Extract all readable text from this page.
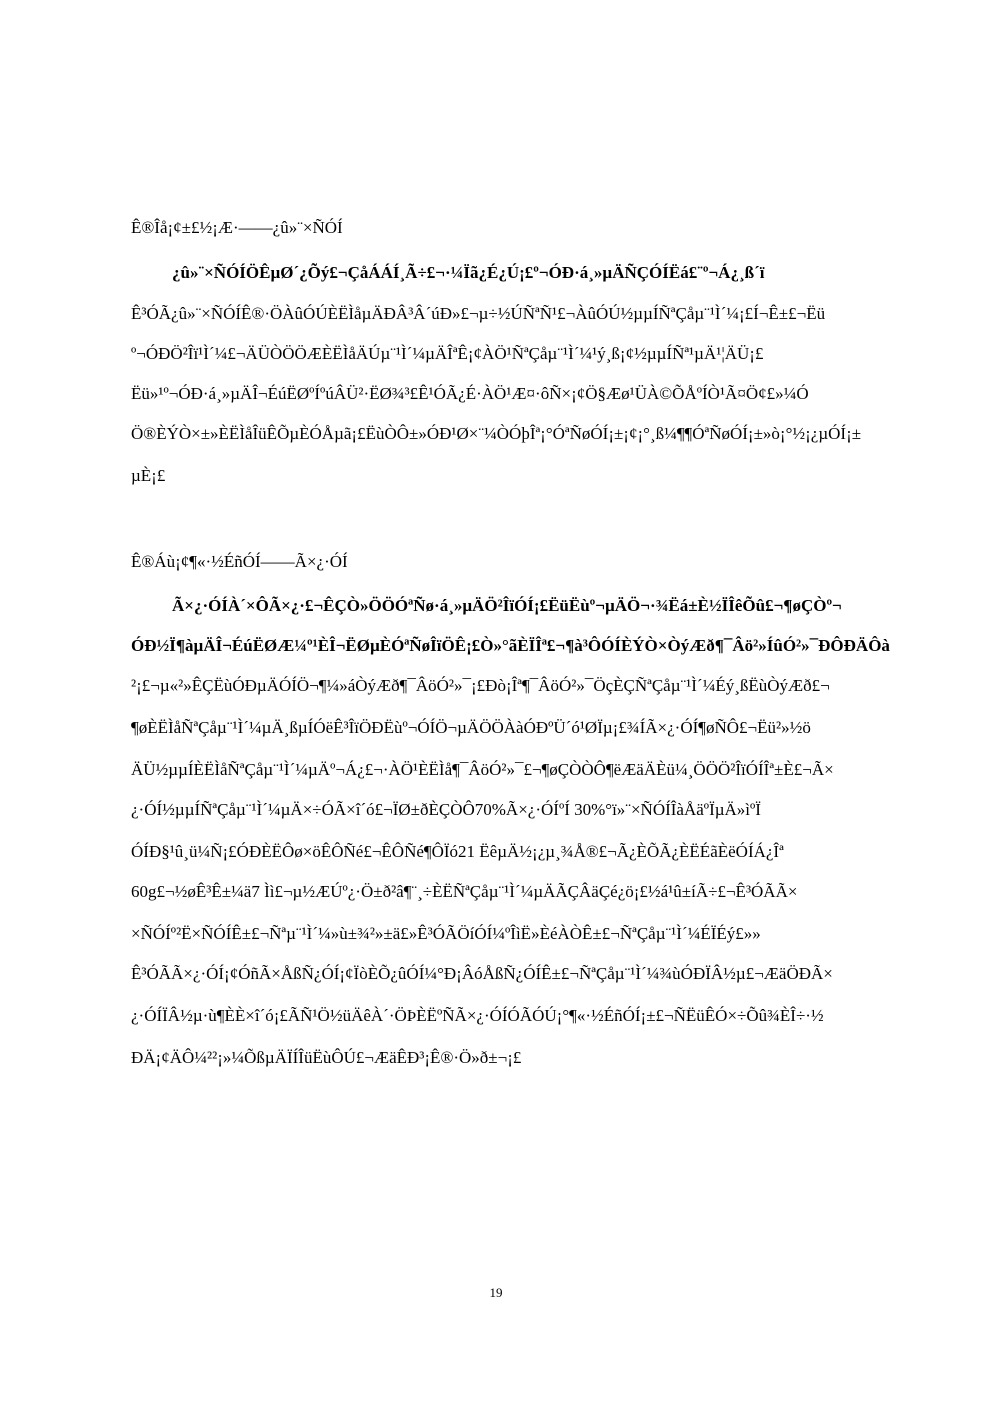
Ê®Îå¡¢±£½¡Æ·——¿û»¨×ÑÓÍ
¿û»¨×ÑÓÍÖÊµØ´¿Õý£¬ÇåÁÁÍ¸Ã÷£¬·¼Ïã¿É¿Ú¡£º¬ÓÐ·á¸»µÄÑÇÓÍËá£¨º¬Á¿¸ß´ï
Ê³ÓÃ¿û»¨×ÑÓÍÊ®·ÖÀûÓÚÈËÌåµÄÐÂ³Â´úÐ»£¬µ÷½ÚÑªÑ¹£¬ÀûÓÚ½µµÍÑªÇåµ¨¹Ì´¼¡£Í¬Ê±£¬Ëü
º¬ÓÐÖ²Îï¹Ì´¼£¬ÄÜÒÖÖÆÈËÌåÄÚµ¨¹Ì´¼µÄÎªÊ¡¢ÀÖ¹ÑªÇåµ¨¹Ì´¼¹ý¸ß¡¢½µµÍÑª¹µÄ¹¦ÄÜ¡£
Ëü»¹º¬ÓÐ·á¸»µÄÎ¬ÉúËØºÍºúÂÜ²·ËØ¾³£Ê¹ÓÃ¿É·ÀÖ¹Æ¤·ôÑ×¡¢Ö§Æø¹ÜÀ©ÕÅºÍÒ¹Ã¤Ö¢£»¼Ó
Ö®ÈÝÒ×±»ÈËÌåÎüÊÕµÈÓÅµã¡£ËùÒÔ±»ÓÐ¹Ø×¨¼ÒÓþÎª¡°ÓªÑøÓÍ¡±¡¢¡°¸ß¼¶¶ÓªÑøÓÍ¡±»ò¡°½¡¿µÓÍ¡±
µÈ¡£
Ê®Áù¡¢¶«·½ÉñÓÍ——Ã×¿·ÓÍ
Ã×¿·ÓÍÀ´×ÔÃ×¿·£¬ÊÇÒ»ÖÖÓªÑø·á¸»µÄÖ²ÎïÓÍ¡£ËüËùº¬µÄÖ¬·¾Ëá±È½ÏÎêÕû£¬¶øÇÒº¬
ÓÐ½Ï¶àµÄÎ¬ÉúËØÆ¼º¹ÈÎ¬ËØµÈÓªÑøÎïÖÊ¡£Ò»°ãÈÏÎª£¬¶à³ÔÓÍÈÝÒ×ÒýÆð¶¯Âö²»ÍûÓ²»¯ÐÔÐÄÔà
²¡£¬µ«²»ÊÇËùÓÐµÄÓÍÖ¬¶¼»áÒýÆð¶¯ÂöÓ²»¯¡£Ðò¡Îª¶¯ÂöÓ²»¯ÖçÈÇÑªÇåµ¨¹Ì´¼Éý¸ßËùÒýÆð£¬
¶øÈËÌåÑªÇåµ¨¹Ì´¼µÄ¸ßµÍÓëÊ³ÎïÖÐËùº¬ÓÍÖ¬µÄÖÖÀàÓÐºÜ´ó¹ØÏµ¡£¾ÍÃ×¿·ÓÍ¶øÑÔ£¬Ëü²»½ö
ÄÜ½µµÍÈËÌåÑªÇåµ¨¹Ì´¼µÄº¬Á¿£¬·ÀÖ¹ÈËÌå¶¯ÂöÓ²»¯£¬¶øÇÒÒÔ¶ëÆäÄÈü¼¸ÖÖÖ²ÎïÓÍÎª±È£¬Ã×
¿·ÓÍ½µµÍÑªÇåµ¨¹Ì´¼µÄ×÷ÓÃ×î´ó£¬ÏØ±ðÈÇÒÔ70%Ã×¿·ÓÍºÍ 30%°ï»¨×ÑÓÍÎàÅäºÏµÄ»ìºÏ
ÓÍÐ§¹û¸ü¼Ñ¡£ÓÐÈËÔø×öÊÔÑé£¬ÊÔÑé¶ÔÏó21 ËêµÄ½¡¿µ¸¾Å®£¬Ã¿ÈÕÃ¿ÈËÉãÈëÓÍÁ¿Îª
60g£¬½øÊ³Ê±¼ä7 Ìì£¬µ½ÆÚº¿·Ö±ð²â¶¨¸÷ÈËÑªÇåµ¨¹Ì´¼µÄÃÇÂäÇé¿ö¡£½á¹û±íÃ÷£¬Ê³ÓÃÃ×
×ÑÓÍº²Ë×ÑÓÍÊ±£¬Ñªµ¨¹Ì´¼»ù±¾²»±ä£»Ê³ÓÃÖíÓÍ¼ºÎìË»ÈéÀÒÊ±£¬ÑªÇåµ¨¹Ì´¼ÉÏÉý£»»
Ê³ÓÃÃ×¿·ÓÍ¡¢ÓñÃ×ÅßÑ¿ÓÍ¡¢ÏòÈÕ¿ûÓÍ¼°Ð¡ÂóÅßÑ¿ÓÍÊ±£¬ÑªÇåµ¨¹Ì´¼¾ùÓÐÏÂ½µ£¬ÆäÖÐÃ×
¿·ÓÍÏÂ½µ·ù¶ÈÈ×î´ó¡£ÃÑ¹Ö½üÄêÀ´·ÖÞÈËºÑÃ×¿·ÓÍÓÃÓÚ¡°¶«·½ÉñÓÍ¡±£¬ÑËüÊÓ×÷Õû¾ÈÎ÷·½
ÐÄ¡¢ÄÔ¼²²¡»¼ÕßµÄÏÍÎüËùÔÚ£¬ÆäÊÐ³¡Ê®·Ö»ð±¬¡£
19
